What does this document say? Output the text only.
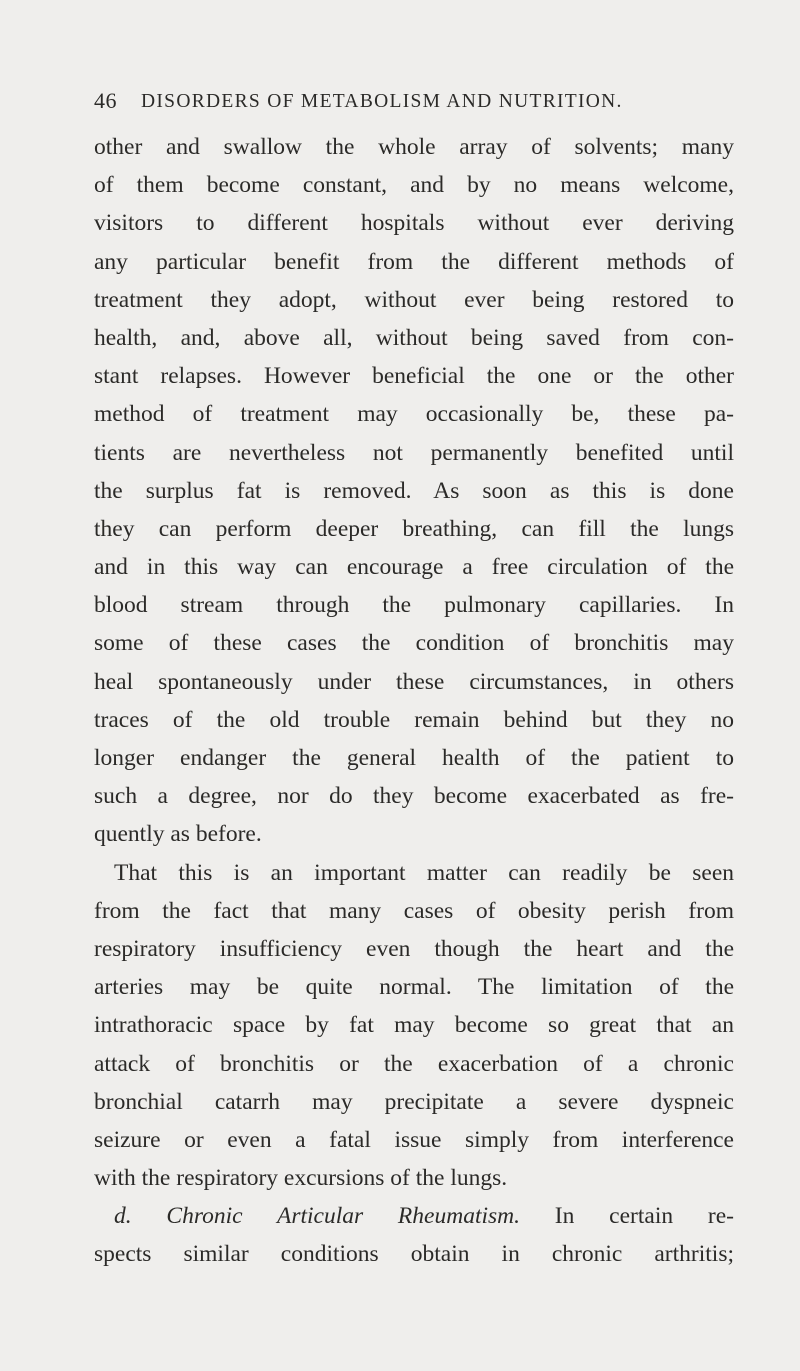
46 DISORDERS OF METABOLISM AND NUTRITION.
other and swallow the whole array of solvents; many
of them become constant, and by no means welcome,
visitors to different hospitals without ever deriving
any particular benefit from the different methods of
treatment they adopt, without ever being restored to
health, and, above all, without being saved from con-
stant relapses. However beneficial the one or the other
method of treatment may occasionally be, these pa-
tients are nevertheless not permanently benefited until
the surplus fat is removed. As soon as this is done
they can perform deeper breathing, can fill the lungs
and in this way can encourage a free circulation of the
blood stream through the pulmonary capillaries. In
some of these cases the condition of bronchitis may
heal spontaneously under these circumstances, in others
traces of the old trouble remain behind but they no
longer endanger the general health of the patient to
such a degree, nor do they become exacerbated as fre-
quently as before.
That this is an important matter can readily be seen
from the fact that many cases of obesity perish from
respiratory insufficiency even though the heart and the
arteries may be quite normal. The limitation of the
intrathoracic space by fat may become so great that an
attack of bronchitis or the exacerbation of a chronic
bronchial catarrh may precipitate a severe dyspneic
seizure or even a fatal issue simply from interference
with the respiratory excursions of the lungs.
d. Chronic Articular Rheumatism. In certain re-
spects similar conditions obtain in chronic arthritis;
